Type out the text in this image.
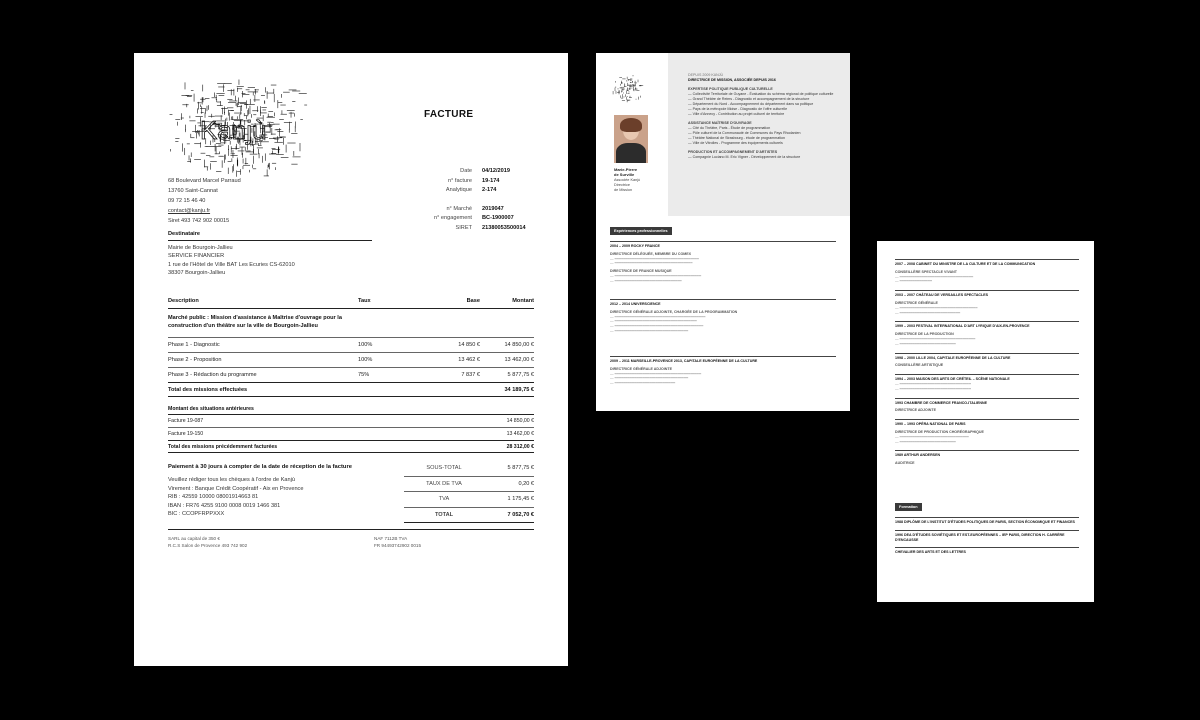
Kanjù
FACTURE
68 Boulevard Marcel Parraud
13760 Saint-Cannat
09 72 15 46 40
contact@kanju.fr
Siret 493 742 902 00015
Date	04/12/2019
n° facture	19-174
Analytique	2-174
n° Marché	2019047
n° engagement	BC-1900007
SIRET	21380053500014
Destinataire
Mairie de Bourgoin-Jallieu
SERVICE FINANCIER
1 rue de l'Hôtel de Ville BAT Les Ecuries CS-62010
38307 Bourgoin-Jallieu
Description	Taux	Base	Montant
Marché public : Mission d'assistance à Maîtrise d'ouvrage pour la construction d'un théâtre sur la ville de Bourgoin-Jallieu
Phase 1 - Diagnostic	100%	14 850 €	14 850,00 €
Phase 2 - Proposition	100%	13 462 €	13 462,00 €
Phase 3 - Rédaction du programme	75%	7 837 €	5 877,75 €
Total des missions effectuées	34 189,75 €
Montant des situations antérieures
Facture 19-087	14 850,00 €
Facture 19-150	13 462,00 €
Total des missions précédemment facturées	28 312,00 €
Paiement à 30 jours à compter de la date de réception de la facture
Veuillez rédiger tous les chèques à l'ordre de Kanjù
Virement : Banque Crédit Coopératif - Aix en Provence
RIB : 42559 10000 08001914663 81
IBAN : FR76 4255 9100 0008 0019 1466 381
BIC : CCOPFRPPXXX
SOUS-TOTAL	5 877,75 €
TAUX DE TVA	0,20 €
TVA	1 175,45 €
TOTAL	7 052,70 €
SARL au capital de 350 €
R.C.S Salon de Provence 493 742 902
NAF 7112B TVA
FR 94493742902 0015
Marie-Pierre
de Surville
Associée Kanjù
Directrice
de Mission
DEPUIS 2009 KANJÙ
DIRECTRICE DE MISSION, ASSOCIÉE DEPUIS 2016
EXPERTISE POLITIQUE PUBLIQUE CULTURELLE
— Collectivité Territoriale de Guyane - Évaluation du schéma régional de politique culturelle
— Grand Théâtre de Reims - Diagnostic et accompagnement de la structure
— Département du Nord - Accompagnement du département dans sa politique
— Pays de la métropole lilloise - Diagnostic de l'offre culturelle
— Ville d'Annecy - Contribution au projet culturel de territoire
ASSISTANCE MAÎTRISE D'OUVRAGE
— Cité du Théâtre, Paris - Étude de programmation
— Pôle culturel de la Communauté de Communes du Pays Rhodanien
— Théâtre National de Strasbourg - étude de programmation
— Ville de Vitrolles - Programme des équipements culturels
PRODUCTION ET ACCOMPAGNEMENT D'ARTISTES
— Compagnie Luciano M. Eric Vigner - Développement de la structure
Expériences professionnelles
2004 – 2009 ROCKY FRANCE
DIRECTRICE DÉLÉGUÉE, MEMBRE DU COMEX
— ━━━━━━━━━━━━━━━━━━━━━━━━━━━━━━━━━━━━━━━
— ━━━━━━━━━━━━━━━━━━━━━━━━━━━━━━━━━━━━
DIRECTRICE DE FRANCE MUSIQUE
— ━━━━━━━━━━━━━━━━━━━━━━━━━━━━━━━━━━━━━━━━
— ━━━━━━━━━━━━━━━━━━━━━━━━━━━━━━━
2012 – 2014 UNIVERSCIENCE
DIRECTRICE GÉNÉRALE ADJOINTE, CHARGÉE DE LA PROGRAMMATION
— ━━━━━━━━━━━━━━━━━━━━━━━━━━━━━━━━━━━━━━━━━━
— ━━━━━━━━━━━━━━━━━━━━━━━━━━━━━━━━━━━━━━
— ━━━━━━━━━━━━━━━━━━━━━━━━━━━━━━━━━━━━━━━━━
— ━━━━━━━━━━━━━━━━━━━━━━━━━━━━━━━━━━
2009 – 2011 MARSEILLE-PROVENCE 2013, CAPITALE EUROPÉENNE DE LA CULTURE
DIRECTRICE GÉNÉRALE ADJOINTE
— ━━━━━━━━━━━━━━━━━━━━━━━━━━━━━━━━━━━━━━━━
— ━━━━━━━━━━━━━━━━━━━━━━━━━━━━━━━━━━
— ━━━━━━━━━━━━━━━━━━━━━━━━━━━━
2007 – 2008 CABINET DU MINISTRE DE LA CULTURE ET DE LA COMMUNICATION
CONSEILLÈRE SPECTACLE VIVANT
— ━━━━━━━━━━━━━━━━━━━━━━━━━━━━━━━━━━
— ━━━━━━━━━━━━━━━
2003 – 2007 CHÂTEAU DE VERSAILLES SPECTACLES
DIRECTRICE GÉNÉRALE
— ━━━━━━━━━━━━━━━━━━━━━━━━━━━━━━━━━━━━
— ━━━━━━━━━━━━━━━━━━━━━━━━━━━━
1999 – 2003 FESTIVAL INTERNATIONAL D'ART LYRIQUE D'AIX-EN-PROVENCE
DIRECTRICE DE LA PRODUCTION
— ━━━━━━━━━━━━━━━━━━━━━━━━━━━━━━━━━━━
— ━━━━━━━━━━━━━━━━━━━━━━━━━━
1998 – 2000 LILLE 2004, CAPITALE EUROPÉENNE DE LA CULTURE
CONSEILLÈRE ARTISTIQUE
1994 – 2003 MAISON DES ARTS DE CRÉTEIL – SCÈNE NATIONALE
— ━━━━━━━━━━━━━━━━━━━━━━━━━━━━━━━━━
— ━━━━━━━━━━━━━━━━━━━━━━━━━━━━━━━━━
1993 CHAMBRE DE COMMERCE FRANCO-ITALIENNE
DIRECTRICE ADJOINTE
1990 – 1993 OPÉRA NATIONAL DE PARIS
DIRECTRICE DE PRODUCTION CHORÉGRAPHIQUE
— ━━━━━━━━━━━━━━━━━━━━━━━━━━━━━━━━
— ━━━━━━━━━━━━━━━━━━━━━━━━━━
1989 ARTHUR ANDERSEN
AUDITRICE
Formation
1988 DIPLÔME DE L'INSTITUT D'ÉTUDES POLITIQUES DE PARIS, SECTION ÉCONOMIQUE ET FINANCES
1996 DEA D'ÉTUDES SOVIÉTIQUES ET EST-EUROPÉENNES – IEP PARIS, DIRECTION H. CARRÈRE D'ENCAUSSE
CHEVALIER DES ARTS ET DES LETTRES
